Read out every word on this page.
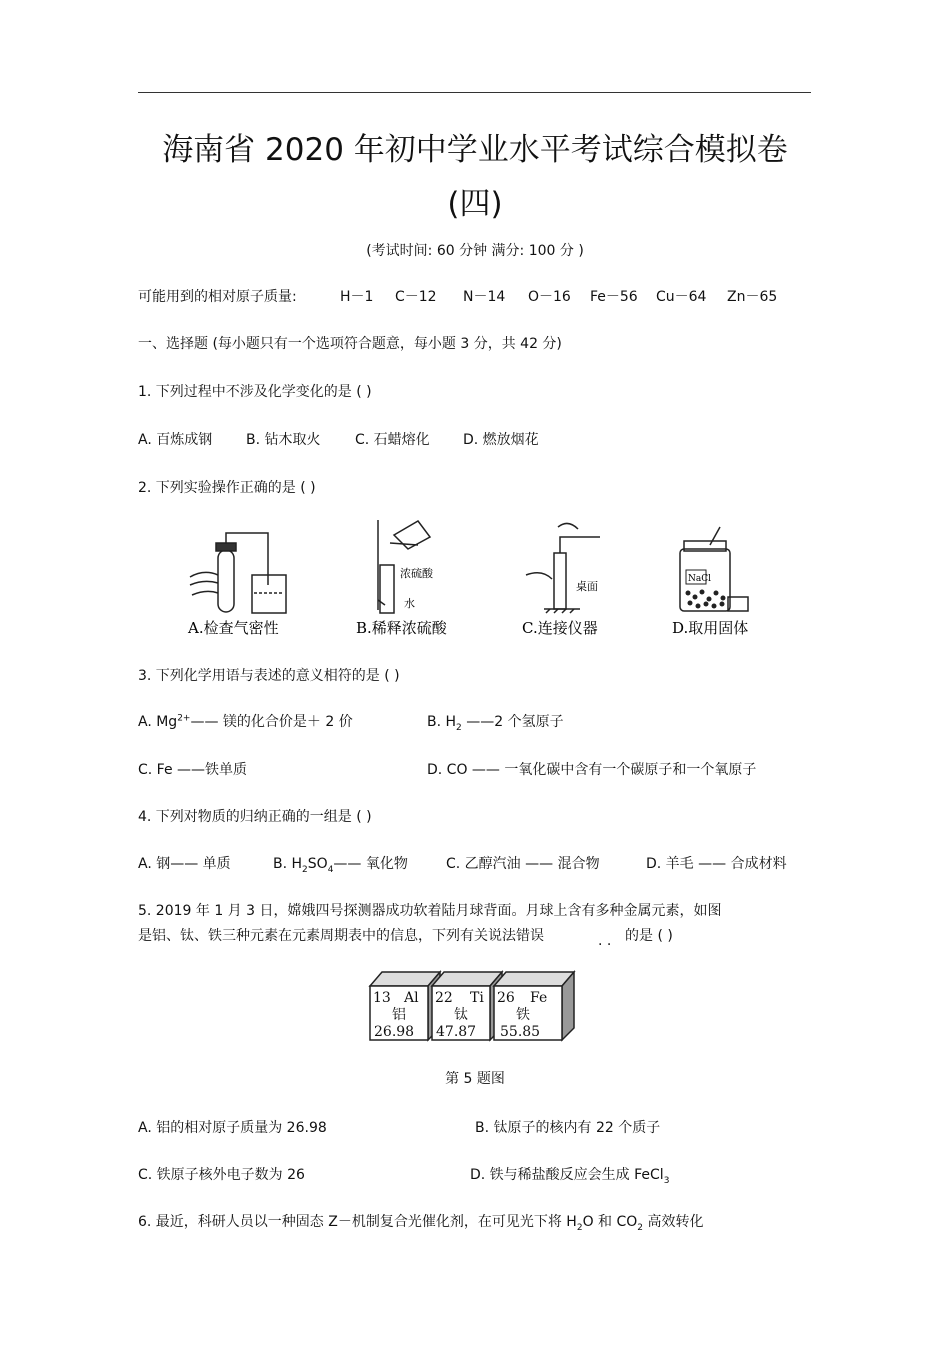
海南省 2020 年初中学业水平考试综合模拟卷
(四)
(考试时间: 60 分钟 满分: 100 分 )
可能用到的相对原子质量:	H－1 C－12 N－14 O－16 Fe－56 Cu－64 Zn－65
一、选择题 (每小题只有一个选项符合题意，每小题 3 分，共 42 分)
1. 下列过程中不涉及化学变化的是 ( )
A. 百炼成钢 B. 钻木取火 C. 石蜡熔化 D. 燃放烟花
2. 下列实验操作正确的是 ( )
A.检查气密性
浓硫酸
水
B.稀释浓硫酸
桌面
C.连接仪器
NaCl
D.取用固体
3. 下列化学用语与表述的意义相符的是 ( )
A. $Mg^{2+}——$ 镁的化合价是＋ 2 价	B. $H_2$ ——2 个氢原子
C. Fe ——铁单质	D. CO —— 一氧化碳中含有一个碳原子和一个氧原子
4. 下列对物质的归纳正确的一组是 ( )
A. 钢—— 单质	B. $H_2SO_4——$ 氧化物	C. 乙醇汽油 —— 混合物	D. 羊毛 —— 合成材料
5. 2019 年 1 月 3 日，嫦娥四号探测器成功软着陆月球背面。月球上含有多种金属元素，如图
是铝、钛、铁三种元素在元素周期表中的信息，下列有关说法错误	. . 的是 ( )
13 Al
铝
26.98
22 Ti
钛
47.87
26 Fe
铁
55.85
第 5 题图
A. 铝的相对原子质量为 26.98	B. 钛原子的核内有 22 个质子
C. 铁原子核外电子数为 26	D. 铁与稀盐酸反应会生成 FeCl$_3$
6. 最近，科研人员以一种固态 Z－机制复合光催化剂，在可见光下将 $H_2O$ 和 $CO_2$ 高效转化
